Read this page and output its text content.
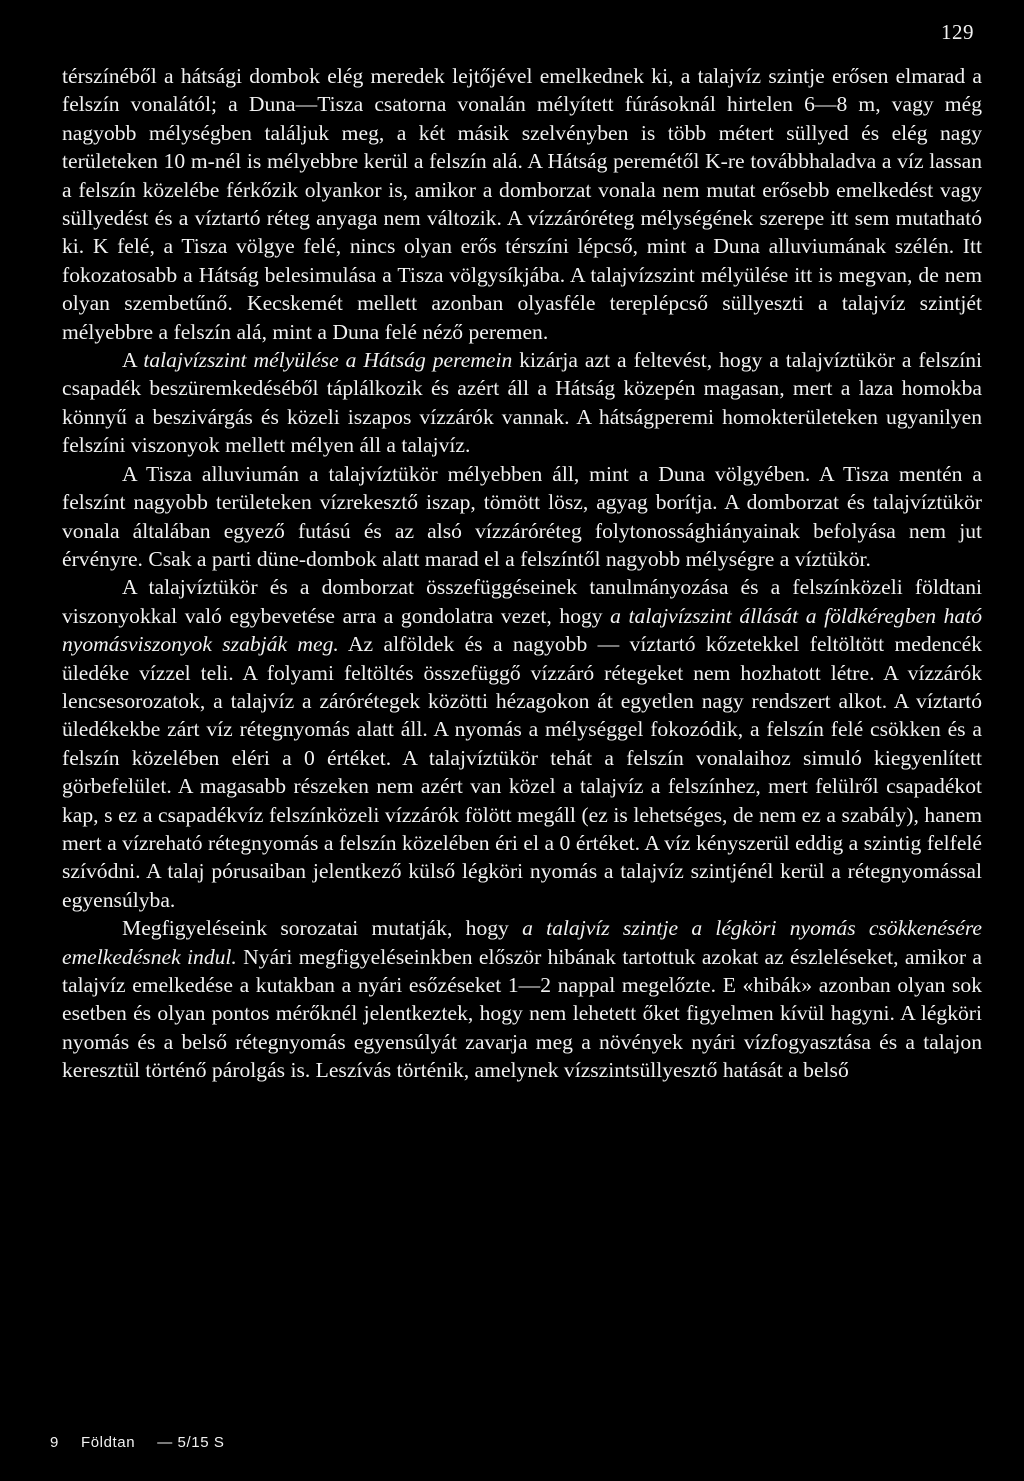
129

térszínéből a hátsági dombok elég meredek lejtőjével emelkednek ki, a talajvíz szintje erősen elmarad a felszín vonalától; a Duna—Tisza csatorna vonalán mélyített fúrásoknál hirtelen 6—8 m, vagy még nagyobb mélységben találjuk meg, a két másik szelvényben is több métert süllyed és elég nagy területeken 10 m-nél is mélyebbre kerül a felszín alá. A Hátság peremétől K-re továbbhaladva a víz lassan a felszín közelébe férkőzik olyankor is, amikor a domborzat vonala nem mutat erősebb emelkedést vagy süllyedést és a víztartó réteg anyaga nem változik. A vízzáróréteg mélységének szerepe itt sem mutatható ki. K felé, a Tisza völgye felé, nincs olyan erős térszíni lépcső, mint a Duna alluviumának szélén. Itt fokozatosabb a Hátság belesimulása a Tisza völgysíkjába. A talajvízszint mélyülése itt is megvan, de nem olyan szembetűnő. Kecskemét mellett azonban olyasféle tereplépcső süllyeszti a talajvíz szintjét mélyebbre a felszín alá, mint a Duna felé néző peremen.

A talajvízszint mélyülése a Hátság peremein kizárja azt a feltevést, hogy a talajvíztükör a felszíni csapadék beszüremkedéséből táplálkozik és azért áll a Hátság közepén magasan, mert a laza homokba könnyű a beszivárgás és közeli iszapos vízzárók vannak. A hátságperemi homokterületeken ugyanilyen felszíni viszonyok mellett mélyen áll a talajvíz.

A Tisza alluviumán a talajvíztükör mélyebben áll, mint a Duna völgyében. A Tisza mentén a felszínt nagyobb területeken vízrekesztő iszap, tömött lösz, agyag borítja. A domborzat és talajvíztükör vonala általában egyező futású és az alsó vízzáróréteg folytonossághiányainak befolyása nem jut érvényre. Csak a parti düne-dombok alatt marad el a felszíntől nagyobb mélységre a víztükör.

A talajvíztükör és a domborzat összefüggéseinek tanulmányozása és a felszínközeli földtani viszonyokkal való egybevetése arra a gondolatra vezet, hogy a talajvízszint állását a földkéregben ható nyomásviszonyok szabják meg. Az alföldek és a nagyobb — víztartó kőzetekkel feltöltött medencék üledéke vízzel teli. A folyami feltöltés összefüggő vízzáró rétegeket nem hozhatott létre. A vízzárók lencsesorozatok, a talajvíz a zárórétegek közötti hézagokon át egyetlen nagy rendszert alkot. A víztartó üledékekbe zárt víz rétegnyomás alatt áll. A nyomás a mélységgel fokozódik, a felszín felé csökken és a felszín közelében eléri a 0 értéket. A talajvíztükör tehát a felszín vonalaihoz simuló kiegyenlített görbefelület. A magasabb részeken nem azért van közel a talajvíz a felszínhez, mert felülről csapadékot kap, s ez a csapadékvíz felszínközeli vízzárók fölött megáll (ez is lehetséges, de nem ez a szabály), hanem mert a vízreható rétegnyomás a felszín közelében éri el a 0 értéket. A víz kényszerül eddig a szintig felfelé szívódni. A talaj pórusaiban jelentkező külső légköri nyomás a talajvíz szintjénél kerül a rétegnyomással egyensúlyba.

Megfigyeléseink sorozatai mutatják, hogy a talajvíz szintje a légköri nyomás csökkenésére emelkedésnek indul. Nyári megfigyeléseinkben először hibának tartottuk azokat az észleléseket, amikor a talajvíz emelkedése a kutakban a nyári esőzéseket 1—2 nappal megelőzte. E «hibák» azonban olyan sok esetben és olyan pontos mérőknél jelentkeztek, hogy nem lehetett őket figyelmen kívül hagyni. A légköri nyomás és a belső rétegnyomás egyensúlyát zavarja meg a növények nyári vízfogyasztása és a talajon keresztül történő párolgás is. Leszívás történik, amelynek vízszintsüllyesztő hatását a belső

9 Földtan — 5/15 S
